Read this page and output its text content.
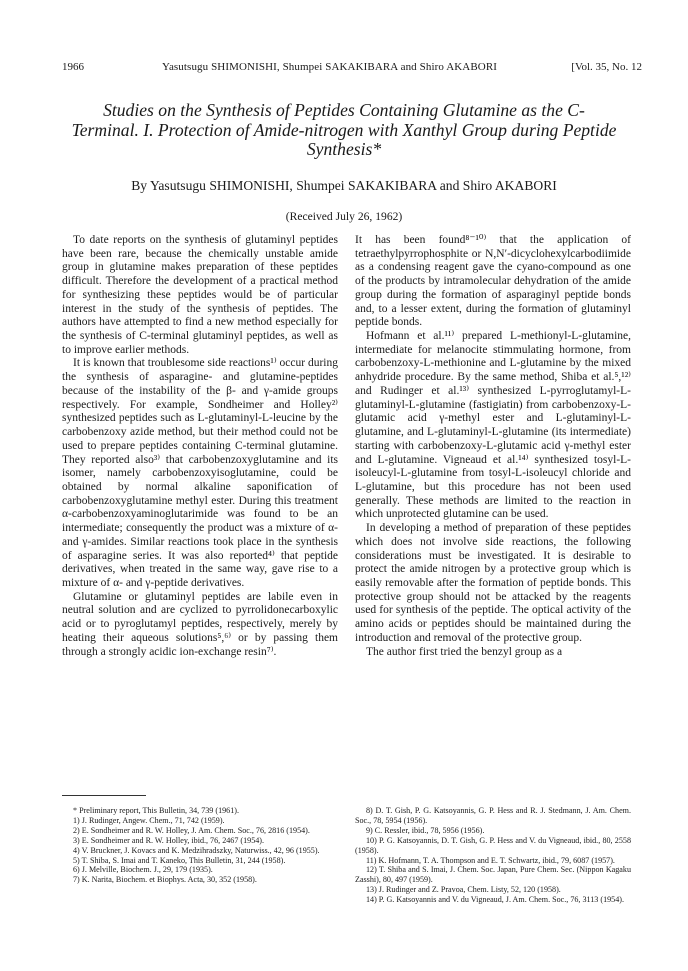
1966	Yasutsugu SHIMONISHI, Shumpei SAKAKIBARA and Shiro AKABORI	[Vol. 35, No. 12
Studies on the Synthesis of Peptides Containing Glutamine as the C-Terminal. I. Protection of Amide-nitrogen with Xanthyl Group during Peptide Synthesis*
By Yasutsugu SHIMONISHI, Shumpei SAKAKIBARA and Shiro AKABORI
(Received July 26, 1962)

To date reports on the synthesis of glutaminyl peptides have been rare, because the chemically unstable amide group in glutamine makes preparation of these peptides difficult. Therefore the development of a practical method for synthesizing these peptides would be of particular interest in the study of the synthesis of peptides. The authors have attempted to find a new method especially for the synthesis of C-terminal glutaminyl peptides, as well as to improve earlier methods.

It is known that troublesome side reactions¹⁾ occur during the synthesis of asparagine- and glutamine-peptides because of the instability of the β- and γ-amide groups respectively. For example, Sondheimer and Holley²⁾ synthesized peptides such as L-glutaminyl-L-leucine by the carbobenzoxy azide method, but their method could not be used to prepare peptides containing C-terminal glutamine. They reported also³⁾ that carbobenzoxyglutamine and its isomer, namely carbobenzoxyisoglutamine, could be obtained by normal alkaline saponification of carbobenzoxyglutamine methyl ester. During this treatment α-carbobenzoxyaminoglutarimide was found to be an intermediate; consequently the product was a mixture of α- and γ-amides. Similar reactions took place in the synthesis of asparagine series. It was also reported⁴⁾ that peptide derivatives, when treated in the same way, gave rise to a mixture of α- and γ-peptide derivatives.

Glutamine or glutaminyl peptides are labile even in neutral solution and are cyclized to pyrrolidonecarboxylic acid or to pyroglutamyl peptides, respectively, merely by heating their aqueous solutions⁵,⁶⁾ or by passing them through a strongly acidic ion-exchange resin⁷⁾.

It has been found⁸⁻¹⁰⁾ that the application of tetraethylpyrrophosphite or N,N′-dicyclohexylcarbodiimide as a condensing reagent gave the cyano-compound as one of the products by intramolecular dehydration of the amide group during the formation of asparaginyl peptide bonds and, to a lesser extent, during the formation of glutaminyl peptide bonds.

Hofmann et al.¹¹⁾ prepared L-methionyl-L-glutamine, intermediate for melanocite stimmulating hormone, from carbobenzoxy-L-methionine and L-glutamine by the mixed anhydride procedure. By the same method, Shiba et al.⁵,¹²⁾ and Rudinger et al.¹³⁾ synthesized L-pyrroglutamyl-L-glutaminyl-L-glutamine (fastigiatin) from carbobenzoxy-L-glutamic acid γ-methyl ester and L-glutaminyl-L-glutamine, and L-glutaminyl-L-glutamine (its intermediate) starting with carbobenzoxy-L-glutamic acid γ-methyl ester and L-glutamine. Vigneaud et al.¹⁴⁾ synthesized tosyl-L-isoleucyl-L-glutamine from tosyl-L-isoleucyl chloride and L-glutamine, but this procedure has not been used generally. These methods are limited to the reaction in which unprotected glutamine can be used.

In developing a method of preparation of these peptides which does not involve side reactions, the following considerations must be investigated. It is desirable to protect the amide nitrogen by a protective group which is easily removable after the formation of peptide bonds. This protective group should not be attacked by the reagents used for synthesis of the peptide. The optical activity of the amino acids or peptides should be maintained during the introduction and removal of the protective group.

The author first tried the benzyl group as a

* Preliminary report, This Bulletin, 34, 739 (1961).

1) J. Rudinger, Angew. Chem., 71, 742 (1959).

2) E. Sondheimer and R. W. Holley, J. Am. Chem. Soc., 76, 2816 (1954).

3) E. Sondheimer and R. W. Holley, ibid., 76, 2467 (1954).

4) V. Bruckner, J. Kovacs and K. Medzihradszky, Naturwiss., 42, 96 (1955).

5) T. Shiba, S. Imai and T. Kaneko, This Bulletin, 31, 244 (1958).

6) J. Melville, Biochem. J., 29, 179 (1935).

7) K. Narita, Biochem. et Biophys. Acta, 30, 352 (1958).

8) D. T. Gish, P. G. Katsoyannis, G. P. Hess and R. J. Stedmann, J. Am. Chem. Soc., 78, 5954 (1956).

9) C. Ressler, ibid., 78, 5956 (1956).

10) P. G. Katsoyannis, D. T. Gish, G. P. Hess and V. du Vigneaud, ibid., 80, 2558 (1958).

11) K. Hofmann, T. A. Thompson and E. T. Schwartz, ibid., 79, 6087 (1957).

12) T. Shiba and S. Imai, J. Chem. Soc. Japan, Pure Chem. Sec. (Nippon Kagaku Zasshi), 80, 497 (1959).

13) J. Rudinger and Z. Pravoa, Chem. Listy, 52, 120 (1958).

14) P. G. Katsoyannis and V. du Vigneaud, J. Am. Chem. Soc., 76, 3113 (1954).
